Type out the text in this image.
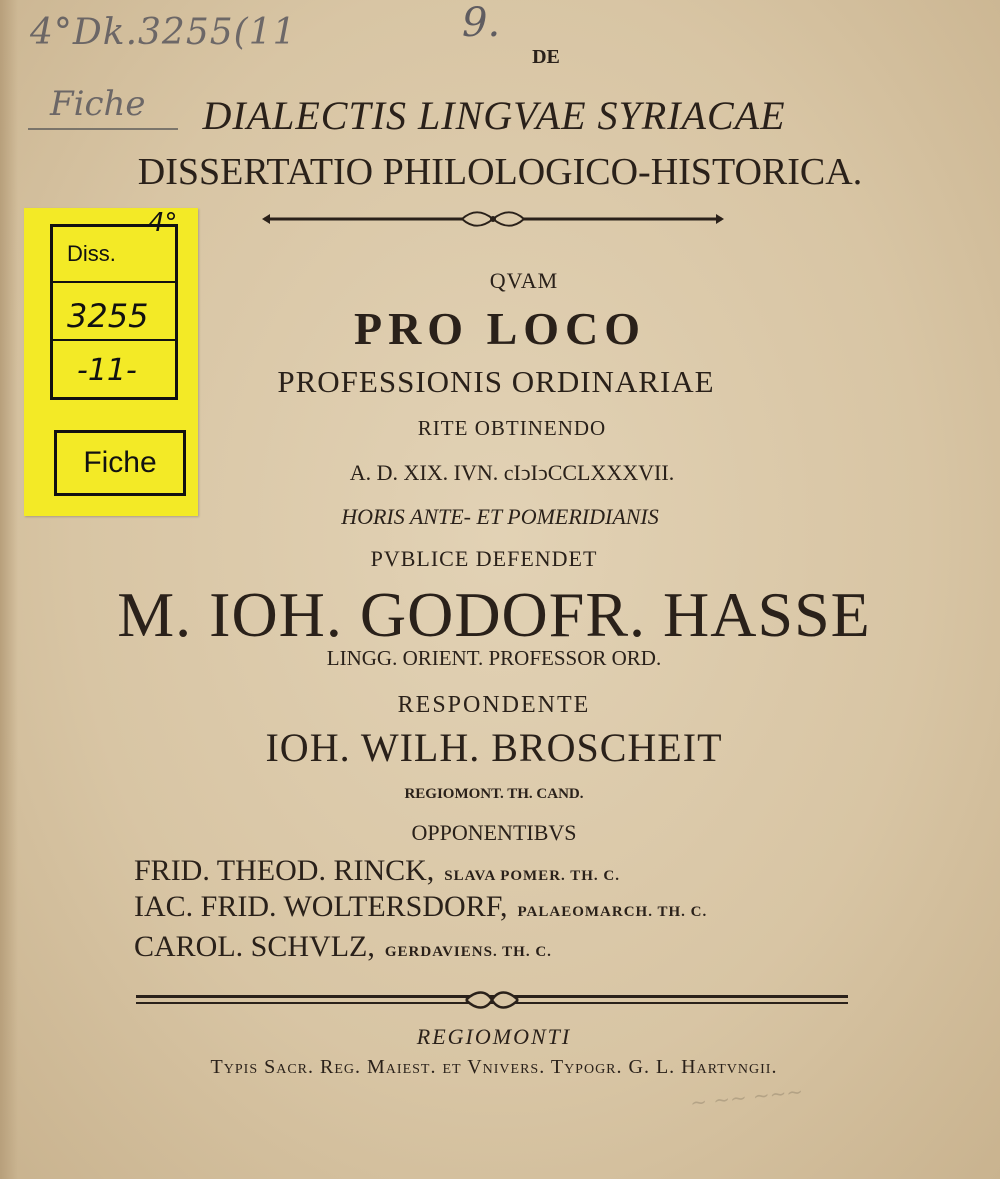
4°Dk.3255(11
Fiche
9.
Diss.
3255
-11-
4°
Fiche
DE
DIALECTIS LINGVAE SYRIACAE
DISSERTATIO PHILOLOGICO-HISTORICA.
QVAM
PRO LOCO
PROFESSIONIS ORDINARIAE
RITE OBTINENDO
A. D. XIX. IVN. cIↄIↄCCLXXXVII.
HORIS ANTE- ET POMERIDIANIS
PVBLICE DEFENDET
M. IOH. GODOFR. HASSE
LINGG. ORIENT. PROFESSOR ORD.
RESPONDENTE
IOH. WILH. BROSCHEIT
REGIOMONT. TH. CAND.
OPPONENTIBVS
FRID. THEOD. RINCK, SLAVA POMER. TH. C.
IAC. FRID. WOLTERSDORF, PALAEOMARCH. TH. C.
CAROL. SCHVLZ, GERDAVIENS. TH. C.
REGIOMONTI
Typis Sacr. Reg. Maiest. et Vnivers. Typogr. G. L. Hartvngii.
~ ~~ ~~~
